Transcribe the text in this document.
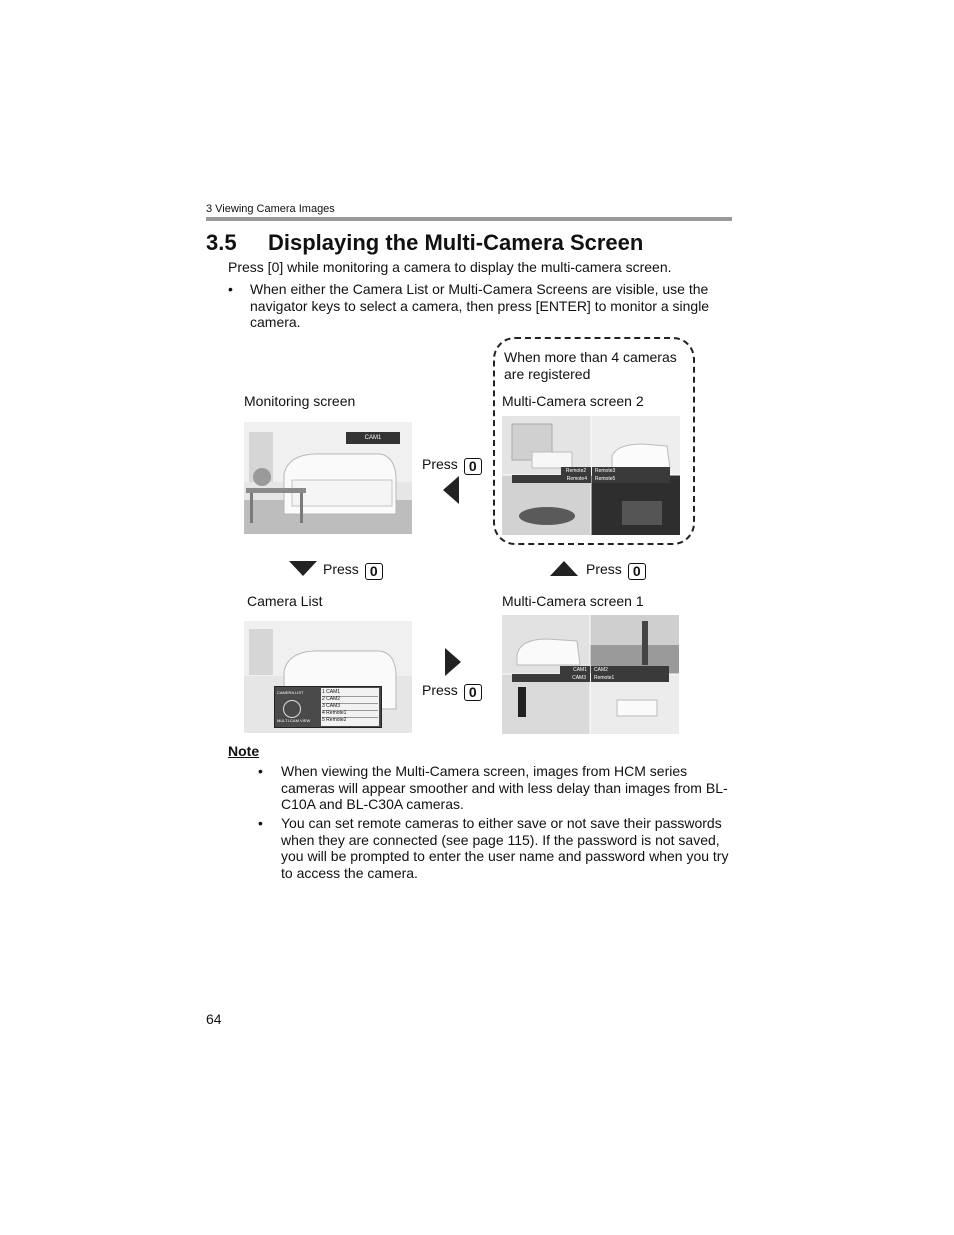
3 Viewing Camera Images
3.5 Displaying the Multi-Camera Screen
Press [0] while monitoring a camera to display the multi-camera screen.
• When either the Camera List or Multi-Camera Screens are visible, use the navigator keys to select a camera, then press [ENTER] to monitor a single camera.
When more than 4 cameras are registered
Monitoring screen	Multi-Camera screen 2
Camera List	Multi-Camera screen 1
CAM1
Remote2	Remote3
Remote4	Remote5
CAMERA LIST
MULTI-CAM VIEW
1 CAM1
2 CAM2
3 CAM3
4 Remote1
5 Remote2
CAM1	CAM2
CAM3	Remote1
Press 0
Press 0	Press 0
Press 0
Note
• When viewing the Multi-Camera screen, images from HCM series cameras will appear smoother and with less delay than images from BL-C10A and BL-C30A cameras.
• You can set remote cameras to either save or not save their passwords when they are connected (see page 115). If the password is not saved, you will be prompted to enter the user name and password when you try to access the camera.
64
